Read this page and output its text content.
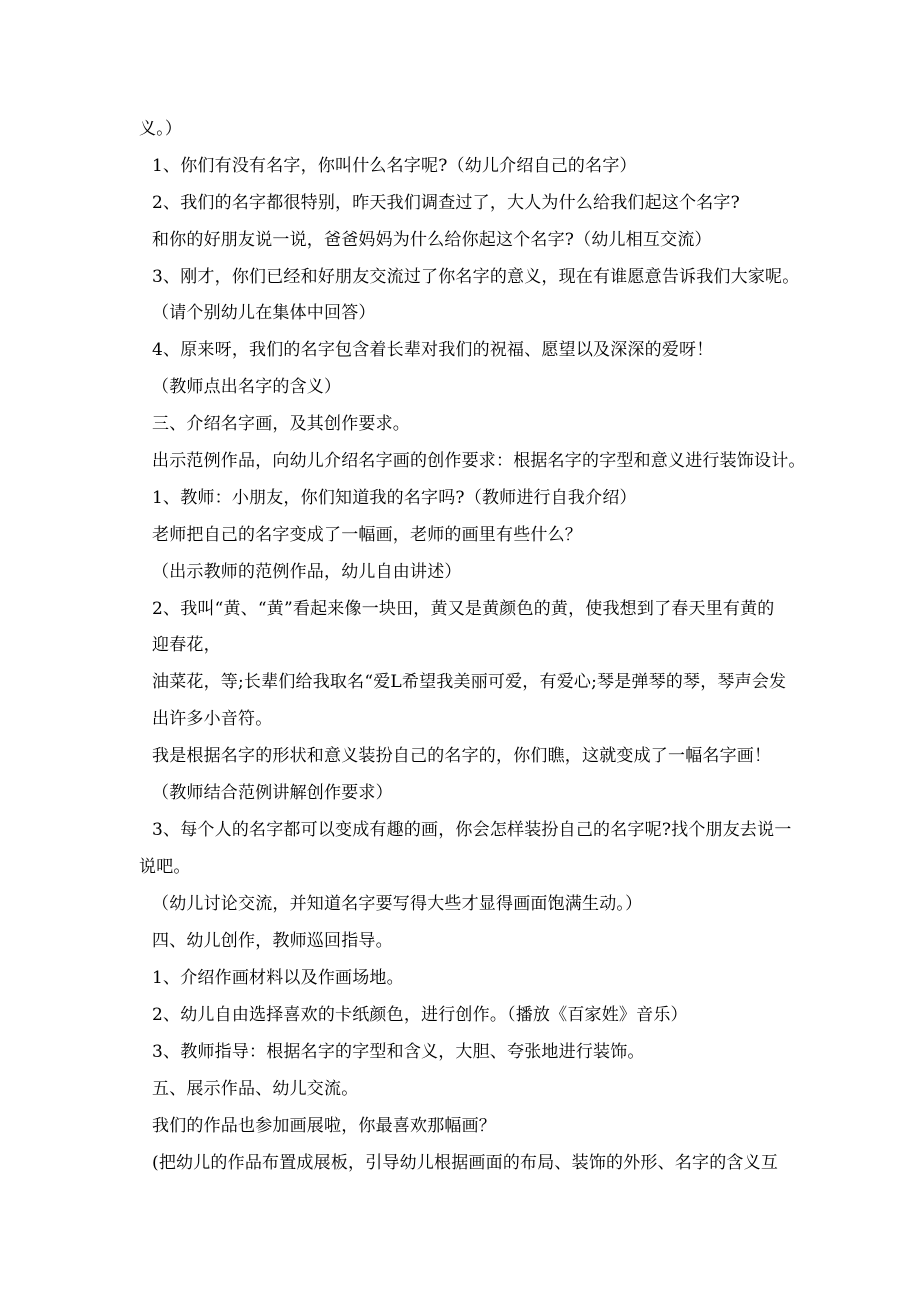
义。）
1、你们有没有名字，你叫什么名字呢?（幼儿介绍自己的名字）
2、我们的名字都很特别，昨天我们调查过了，大人为什么给我们起这个名字?
和你的好朋友说一说，爸爸妈妈为什么给你起这个名字?（幼儿相互交流）
3、刚才，你们已经和好朋友交流过了你名字的意义，现在有谁愿意告诉我们大家呢。
（请个别幼儿在集体中回答）
4、原来呀，我们的名字包含着长辈对我们的祝福、愿望以及深深的爱呀！
（教师点出名字的含义）
三、介绍名字画，及其创作要求。
出示范例作品，向幼儿介绍名字画的创作要求：根据名字的字型和意义进行装饰设计。
1、教师：小朋友，你们知道我的名字吗?（教师进行自我介绍）
老师把自己的名字变成了一幅画，老师的画里有些什么？
（出示教师的范例作品，幼儿自由讲述）
2、我叫“黄、“黄”看起来像一块田，黄又是黄颜色的黄，使我想到了春天里有黄的
迎春花，
油菜花，等;长辈们给我取名“爱L希望我美丽可爱，有爱心;琴是弹琴的琴，琴声会发
出许多小音符。
我是根据名字的形状和意义装扮自己的名字的，你们瞧，这就变成了一幅名字画！
（教师结合范例讲解创作要求）
3、每个人的名字都可以变成有趣的画，你会怎样装扮自己的名字呢?找个朋友去说一
说吧。
（幼儿讨论交流，并知道名字要写得大些才显得画面饱满生动。）
四、幼儿创作，教师巡回指导。
1、介绍作画材料以及作画场地。
2、幼儿自由选择喜欢的卡纸颜色，进行创作。（播放《百家姓》音乐）
3、教师指导：根据名字的字型和含义，大胆、夸张地进行装饰。
五、展示作品、幼儿交流。
我们的作品也参加画展啦，你最喜欢那幅画？
(把幼儿的作品布置成展板，引导幼儿根据画面的布局、装饰的外形、名字的含义互
